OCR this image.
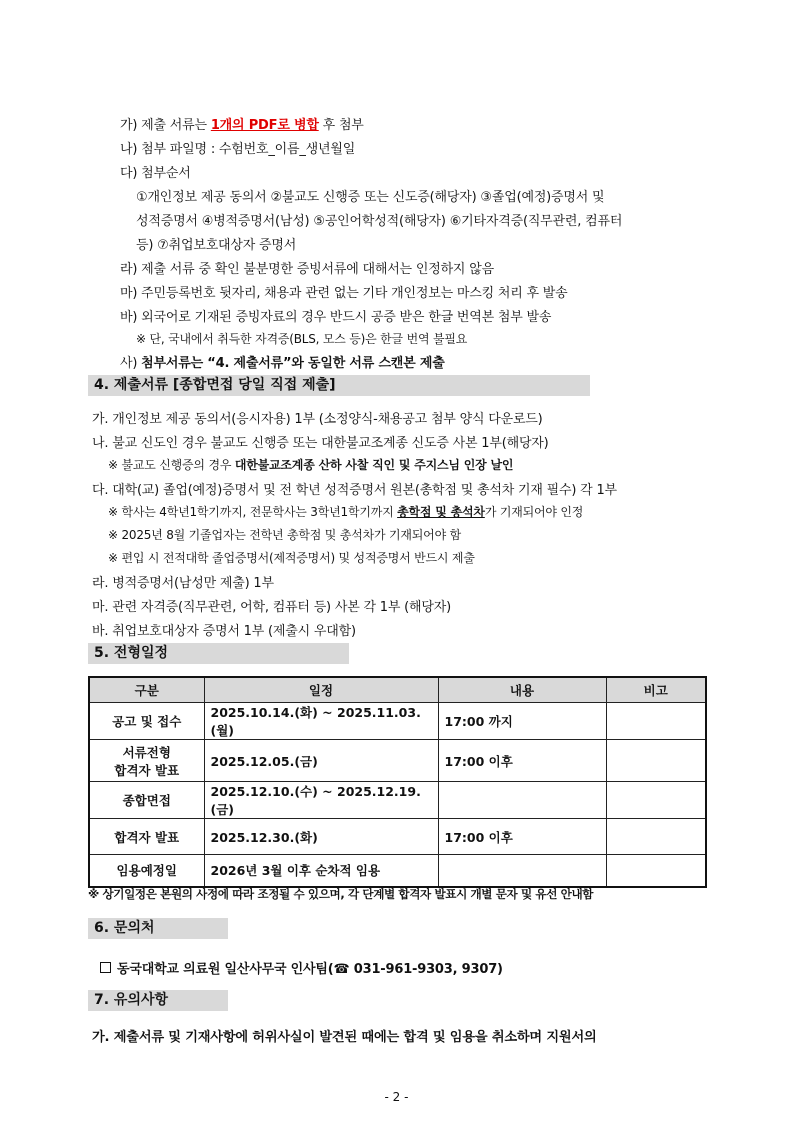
가) 제출 서류는 1개의 PDF로 병합 후 첨부
나) 첨부 파일명 : 수험번호_이름_생년월일
다) 첨부순서
①개인정보 제공 동의서 ②불교도 신행증 또는 신도증(해당자) ③졸업(예정)증명서 및
성적증명서 ④병적증명서(남성) ⑤공인어학성적(해당자) ⑥기타자격증(직무관련, 컴퓨터
등) ⑦취업보호대상자 증명서
라) 제출 서류 중 확인 불분명한 증빙서류에 대해서는 인정하지 않음
마) 주민등록번호 뒷자리, 채용과 관련 없는 기타 개인정보는 마스킹 처리 후 발송
바) 외국어로 기재된 증빙자료의 경우 반드시 공증 받은 한글 번역본 첨부 발송
※ 단, 국내에서 취득한 자격증(BLS, 모스 등)은 한글 번역 불필요
사) 첨부서류는 “4. 제출서류”와 동일한 서류 스캔본 제출
4. 제출서류 [종합면접 당일 직접 제출]
가. 개인정보 제공 동의서(응시자용) 1부 (소정양식-채용공고 첨부 양식 다운로드)
나. 불교 신도인 경우 불교도 신행증 또는 대한불교조계종 신도증 사본 1부(해당자)
※ 불교도 신행증의 경우 대한불교조계종 산하 사찰 직인 및 주지스님 인장 날인
다. 대학(교) 졸업(예정)증명서 및 전 학년 성적증명서 원본(총학점 및 총석차 기재 필수) 각 1부
※ 학사는 4학년1학기까지, 전문학사는 3학년1학기까지 총학점 및 총석차가 기재되어야 인정
※ 2025년 8월 기졸업자는 전학년 총학점 및 총석차가 기재되어야 함
※ 편입 시 전적대학 졸업증명서(제적증명서) 및 성적증명서 반드시 제출
라. 병적증명서(남성만 제출) 1부
마. 관련 자격증(직무관련, 어학, 컴퓨터 등) 사본 각 1부 (해당자)
바. 취업보호대상자 증명서 1부 (제출시 우대함)
5. 전형일정
구분	일정	내용	비고
공고 및 접수	2025.10.14.(화) ~ 2025.11.03.(월)	17:00 까지	
서류전형
합격자 발표	2025.12.05.(금)	17:00 이후	
종합면접	2025.12.10.(수) ~ 2025.12.19.(금)		
합격자 발표	2025.12.30.(화)	17:00 이후	
임용예정일	2026년 3월 이후 순차적 임용		
※ 상기일정은 본원의 사정에 따라 조정될 수 있으며, 각 단계별 합격자 발표시 개별 문자 및 유선 안내함
6. 문의처
동국대학교 의료원 일산사무국 인사팀(☎ 031-961-9303, 9307)
7. 유의사항
가. 제출서류 및 기재사항에 허위사실이 발견된 때에는 합격 및 임용을 취소하며 지원서의
- 2 -
